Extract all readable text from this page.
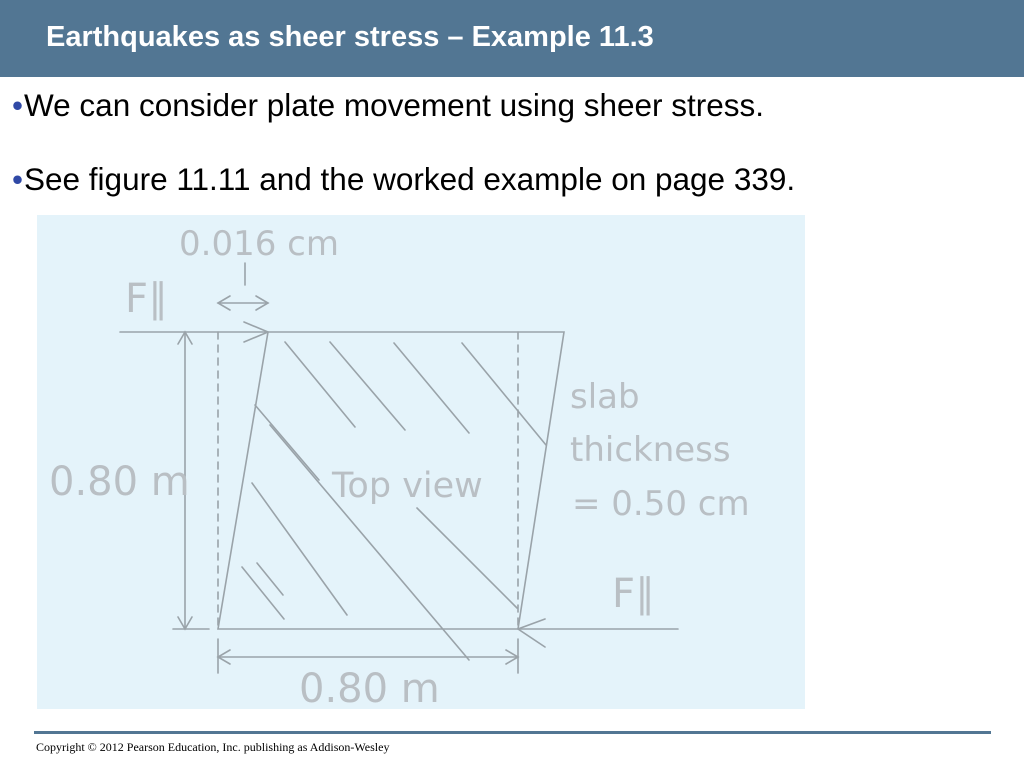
Earthquakes as sheer stress – Example 11.3
• We can consider plate movement using sheer stress.
• See figure 11.11 and the worked example on page 339.
0.016 cm
F∥
F∥
0.80 m
0.80 m
Top view
slab
thickness
= 0.50 cm
Copyright © 2012 Pearson Education, Inc. publishing as Addison-Wesley
